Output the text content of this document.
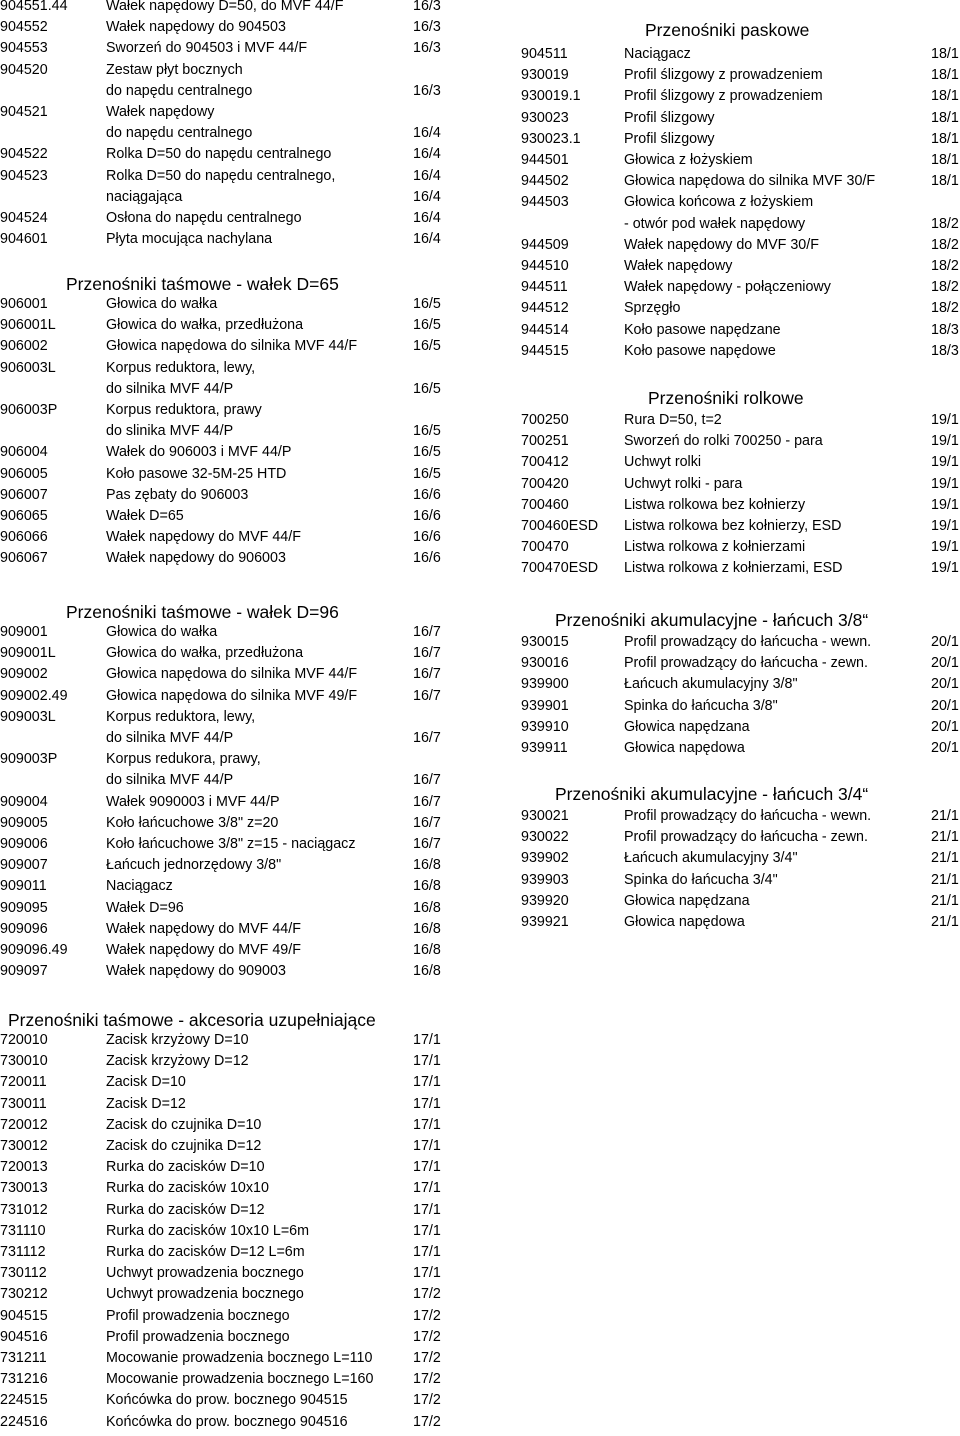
904551.44	Wałek napędowy D=50, do MVF 44/F	16/3
904552	Wałek napędowy do 904503	16/3
904553	Sworzeń do 904503 i MVF 44/F	16/3
904520	Zestaw płyt bocznych
do napędu centralnego	16/3
904521	Wałek napędowy
do napędu centralnego	16/4
904522	Rolka D=50 do napędu centralnego	16/4
904523	Rolka D=50 do napędu centralnego,	16/4
naciągająca	16/4
904524	Osłona do napędu centralnego	16/4
904601	Płyta mocująca nachylana	16/4
Przenośniki taśmowe - wałek D=65
906001	Głowica do wałka	16/5
906001L	Głowica do wałka, przedłużona	16/5
906002	Głowica napędowa do silnika MVF 44/F	16/5
906003L	Korpus reduktora, lewy,
do silnika MVF 44/P	16/5
906003P	Korpus reduktora, prawy
do slinika MVF 44/P	16/5
906004	Wałek do 906003 i MVF 44/P	16/5
906005	Koło pasowe 32-5M-25 HTD	16/5
906007	Pas zębaty do 906003	16/6
906065	Wałek D=65	16/6
906066	Wałek napędowy do MVF 44/F	16/6
906067	Wałek napędowy do 906003	16/6
Przenośniki taśmowe - wałek D=96
909001	Głowica do wałka	16/7
909001L	Głowica do wałka, przedłużona	16/7
909002	Głowica napędowa do silnika MVF 44/F	16/7
909002.49	Głowica napędowa do silnika MVF 49/F	16/7
909003L	Korpus reduktora, lewy,
do silnika MVF 44/P	16/7
909003P	Korpus redukora, prawy,
do silnika MVF 44/P	16/7
909004	Wałek 9090003 i MVF 44/P	16/7
909005	Koło łańcuchowe 3/8" z=20	16/7
909006	Koło łańcuchowe 3/8" z=15 - naciągacz	16/7
909007	Łańcuch jednorzędowy 3/8"	16/8
909011	Naciągacz	16/8
909095	Wałek D=96	16/8
909096	Wałek napędowy do MVF 44/F	16/8
909096.49	Wałek napędowy do MVF 49/F	16/8
909097	Wałek napędowy do 909003	16/8
Przenośniki taśmowe - akcesoria uzupełniające
720010	Zacisk krzyżowy D=10	17/1
730010	Zacisk krzyżowy D=12	17/1
720011	Zacisk D=10	17/1
730011	Zacisk D=12	17/1
720012	Zacisk do czujnika D=10	17/1
730012	Zacisk do czujnika D=12	17/1
720013	Rurka do zacisków D=10	17/1
730013	Rurka do zacisków 10x10	17/1
731012	Rurka do zacisków D=12	17/1
731110	Rurka do zacisków 10x10 L=6m	17/1
731112	Rurka do zacisków D=12 L=6m	17/1
730112	Uchwyt prowadzenia bocznego	17/1
730212	Uchwyt prowadzenia bocznego	17/2
904515	Profil prowadzenia bocznego	17/2
904516	Profil prowadzenia bocznego	17/2
731211	Mocowanie prowadzenia bocznego L=110	17/2
731216	Mocowanie prowadzenia bocznego L=160	17/2
224515	Końcówka do prow. bocznego 904515	17/2
224516	Końcówka do prow. bocznego 904516	17/2
Przenośniki paskowe
904511	Naciągacz	18/1
930019	Profil ślizgowy z prowadzeniem	18/1
930019.1	Profil ślizgowy z prowadzeniem	18/1
930023	Profil ślizgowy	18/1
930023.1	Profil ślizgowy	18/1
944501	Głowica z łożyskiem	18/1
944502	Głowica napędowa do silnika MVF 30/F	18/1
944503	Głowica końcowa z łożyskiem
- otwór pod wałek napędowy	18/2
944509	Wałek napędowy do MVF 30/F	18/2
944510	Wałek napędowy	18/2
944511	Wałek napędowy - połączeniowy	18/2
944512	Sprzęgło	18/2
944514	Koło pasowe napędzane	18/3
944515	Koło pasowe napędowe	18/3
Przenośniki rolkowe
700250	Rura D=50, t=2	19/1
700251	Sworzeń do rolki 700250 - para	19/1
700412	Uchwyt rolki	19/1
700420	Uchwyt rolki - para	19/1
700460	Listwa rolkowa bez kołnierzy	19/1
700460ESD Listwa rolkowa bez kołnierzy, ESD	19/1
700470	Listwa rolkowa z kołnierzami	19/1
700470ESD Listwa rolkowa z kołnierzami, ESD	19/1
Przenośniki akumulacyjne - łańcuch 3/8“
930015	Profil prowadzący do łańcucha - wewn.	20/1
930016	Profil prowadzący do łańcucha - zewn.	20/1
939900	Łańcuch akumulacyjny 3/8"	20/1
939901	Spinka do łańcucha 3/8"	20/1
939910	Głowica napędzana	20/1
939911	Głowica napędowa	20/1
Przenośniki akumulacyjne - łańcuch 3/4“
930021	Profil prowadzący do łańcucha - wewn.	21/1
930022	Profil prowadzący do łańcucha - zewn.	21/1
939902	Łańcuch akumulacyjny 3/4"	21/1
939903	Spinka do łańcucha 3/4"	21/1
939920	Głowica napędzana	21/1
939921	Głowica napędowa	21/1
